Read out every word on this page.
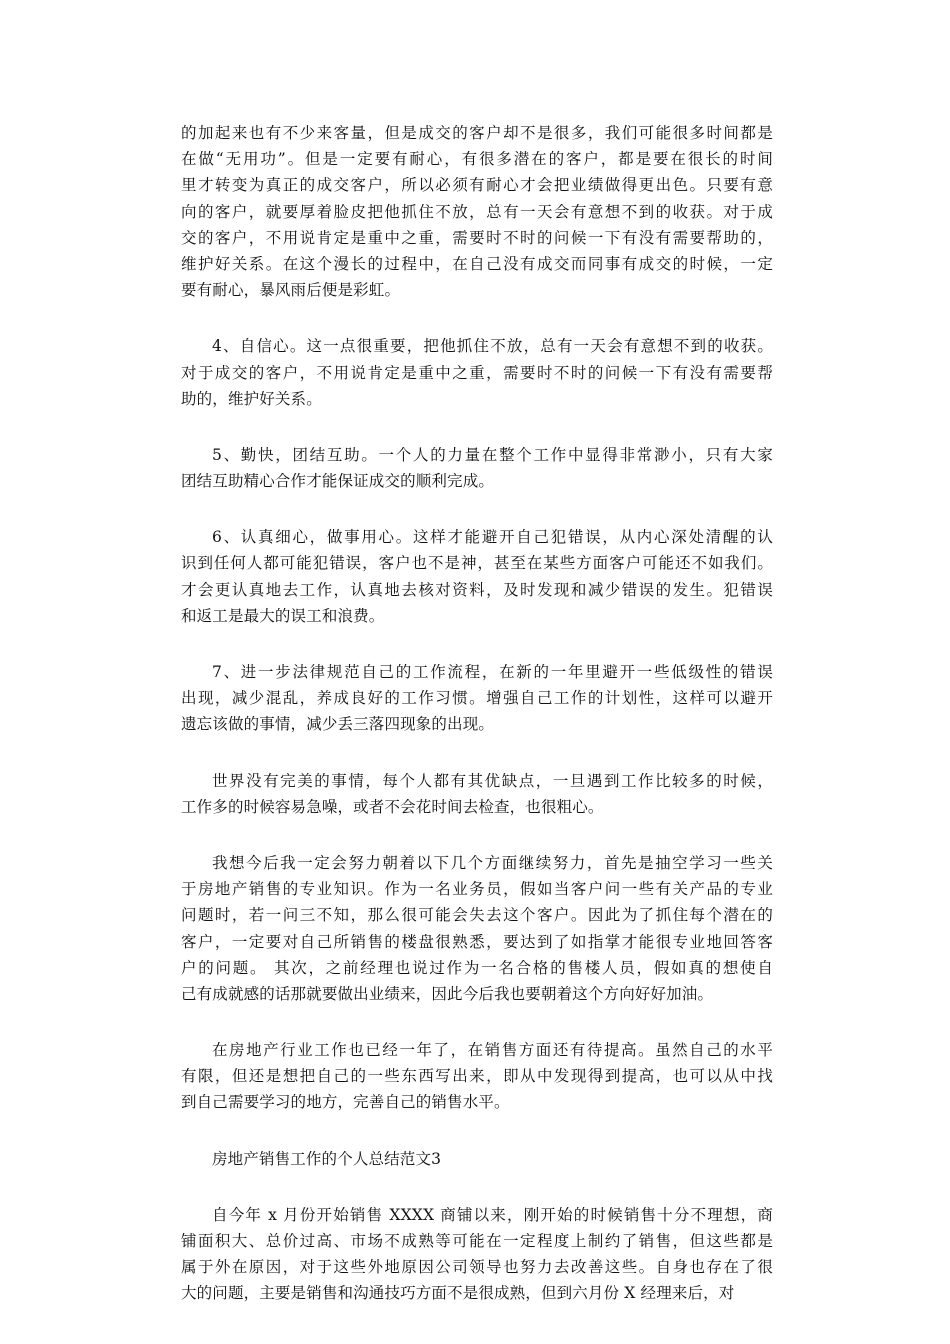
的加起来也有不少来客量，但是成交的客户却不是很多，我们可能很多时间都是
在做“无用功”。但是一定要有耐心，有很多潜在的客户，都是要在很长的时间
里才转变为真正的成交客户，所以必须有耐心才会把业绩做得更出色。只要有意
向的客户，就要厚着脸皮把他抓住不放，总有一天会有意想不到的收获。对于成
交的客户，不用说肯定是重中之重，需要时不时的问候一下有没有需要帮助的，
维护好关系。在这个漫长的过程中，在自己没有成交而同事有成交的时候，一定
要有耐心，暴风雨后便是彩虹。
4、自信心。这一点很重要，把他抓住不放，总有一天会有意想不到的收获。
对于成交的客户，不用说肯定是重中之重，需要时不时的问候一下有没有需要帮
助的，维护好关系。
5、勤快，团结互助。一个人的力量在整个工作中显得非常渺小，只有大家
团结互助精心合作才能保证成交的顺利完成。
6、认真细心，做事用心。这样才能避开自己犯错误，从内心深处清醒的认
识到任何人都可能犯错误，客户也不是神，甚至在某些方面客户可能还不如我们。
才会更认真地去工作，认真地去核对资料，及时发现和减少错误的发生。犯错误
和返工是最大的误工和浪费。
7、进一步法律规范自己的工作流程，在新的一年里避开一些低级性的错误
出现，减少混乱，养成良好的工作习惯。增强自己工作的计划性，这样可以避开
遗忘该做的事情，减少丢三落四现象的出现。
世界没有完美的事情，每个人都有其优缺点，一旦遇到工作比较多的时候，
工作多的时候容易急噪，或者不会花时间去检查，也很粗心。
我想今后我一定会努力朝着以下几个方面继续努力，首先是抽空学习一些关
于房地产销售的专业知识。作为一名业务员，假如当客户问一些有关产品的专业
问题时，若一问三不知，那么很可能会失去这个客户。因此为了抓住每个潜在的
客户，一定要对自己所销售的楼盘很熟悉，要达到了如指掌才能很专业地回答客
户的问题。 其次，之前经理也说过作为一名合格的售楼人员，假如真的想使自
己有成就感的话那就要做出业绩来，因此今后我也要朝着这个方向好好加油。
在房地产行业工作也已经一年了，在销售方面还有待提高。虽然自己的水平
有限，但还是想把自己的一些东西写出来，即从中发现得到提高，也可以从中找
到自己需要学习的地方，完善自己的销售水平。
房地产销售工作的个人总结范文3
自今年 x 月份开始销售 XXXX 商铺以来，刚开始的时候销售十分不理想，商
铺面积大、总价过高、市场不成熟等可能在一定程度上制约了销售，但这些都是
属于外在原因，对于这些外地原因公司领导也努力去改善这些。自身也存在了很
大的问题，主要是销售和沟通技巧方面不是很成熟，但到六月份 X 经理来后，对
